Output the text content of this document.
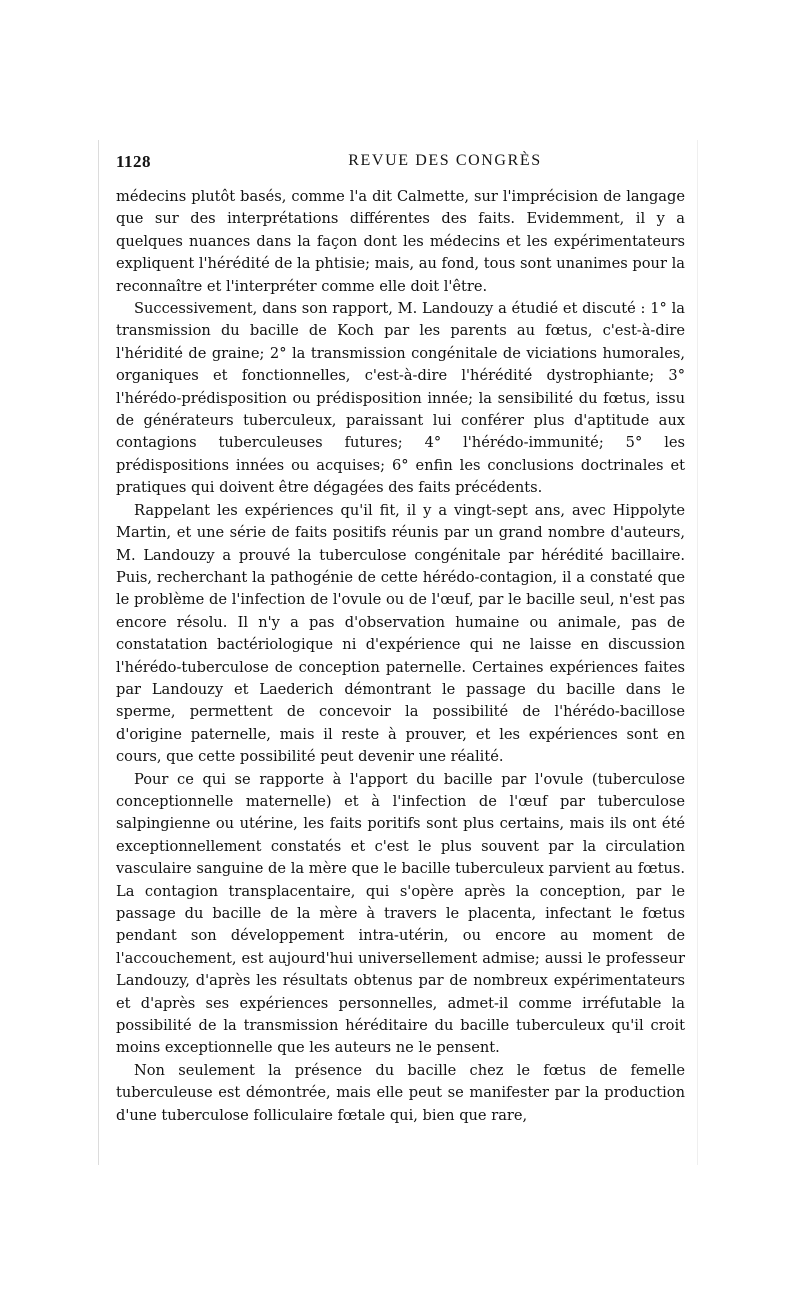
1128	REVUE DES CONGRÈS

médecins plutôt basés, comme l'a dit Calmette, sur l'imprécision de langage que sur des interprétations différentes des faits. Evidemment, il y a quelques nuances dans la façon dont les médecins et les expérimentateurs expliquent l'hérédité de la phtisie; mais, au fond, tous sont unanimes pour la reconnaître et l'interpréter comme elle doit l'être.

Successivement, dans son rapport, M. Landouzy a étudié et discuté : 1° la transmission du bacille de Koch par les parents au fœtus, c'est-à-dire l'héridité de graine; 2° la transmission congénitale de viciations humorales, organiques et fonctionnelles, c'est-à-dire l'hérédité dystrophiante; 3° l'hérédo-prédisposition ou prédisposition innée; la sensibilité du fœtus, issu de générateurs tuberculeux, paraissant lui conférer plus d'aptitude aux contagions tuberculeuses futures; 4° l'hérédo-immunité; 5° les prédispositions innées ou acquises; 6° enfin les conclusions doctrinales et pratiques qui doivent être dégagées des faits précédents.

Rappelant les expériences qu'il fit, il y a vingt-sept ans, avec Hippolyte Martin, et une série de faits positifs réunis par un grand nombre d'auteurs, M. Landouzy a prouvé la tuberculose congénitale par hérédité bacillaire. Puis, recherchant la pathogénie de cette hérédo-contagion, il a constaté que le problème de l'infection de l'ovule ou de l'œuf, par le bacille seul, n'est pas encore résolu. Il n'y a pas d'observation humaine ou animale, pas de constatation bactériologique ni d'expérience qui ne laisse en discussion l'hérédo-tuberculose de conception paternelle. Certaines expériences faites par Landouzy et Laederich démontrant le passage du bacille dans le sperme, permettent de concevoir la possibilité de l'hérédo-bacillose d'origine paternelle, mais il reste à prouver, et les expériences sont en cours, que cette possibilité peut devenir une réalité.

Pour ce qui se rapporte à l'apport du bacille par l'ovule (tuberculose conceptionnelle maternelle) et à l'infection de l'œuf par tuberculose salpingienne ou utérine, les faits poritifs sont plus certains, mais ils ont été exceptionnellement constatés et c'est le plus souvent par la circulation vasculaire sanguine de la mère que le bacille tuberculeux parvient au fœtus. La contagion transplacentaire, qui s'opère après la conception, par le passage du bacille de la mère à travers le placenta, infectant le fœtus pendant son développement intra-utérin, ou encore au moment de l'accouchement, est aujourd'hui universellement admise; aussi le professeur Landouzy, d'après les résultats obtenus par de nombreux expérimentateurs et d'après ses expériences personnelles, admet-il comme irréfutable la possibilité de la transmission héréditaire du bacille tuberculeux qu'il croit moins exceptionnelle que les auteurs ne le pensent.

Non seulement la présence du bacille chez le fœtus de femelle tuberculeuse est démontrée, mais elle peut se manifester par la production d'une tuberculose folliculaire fœtale qui, bien que rare,
